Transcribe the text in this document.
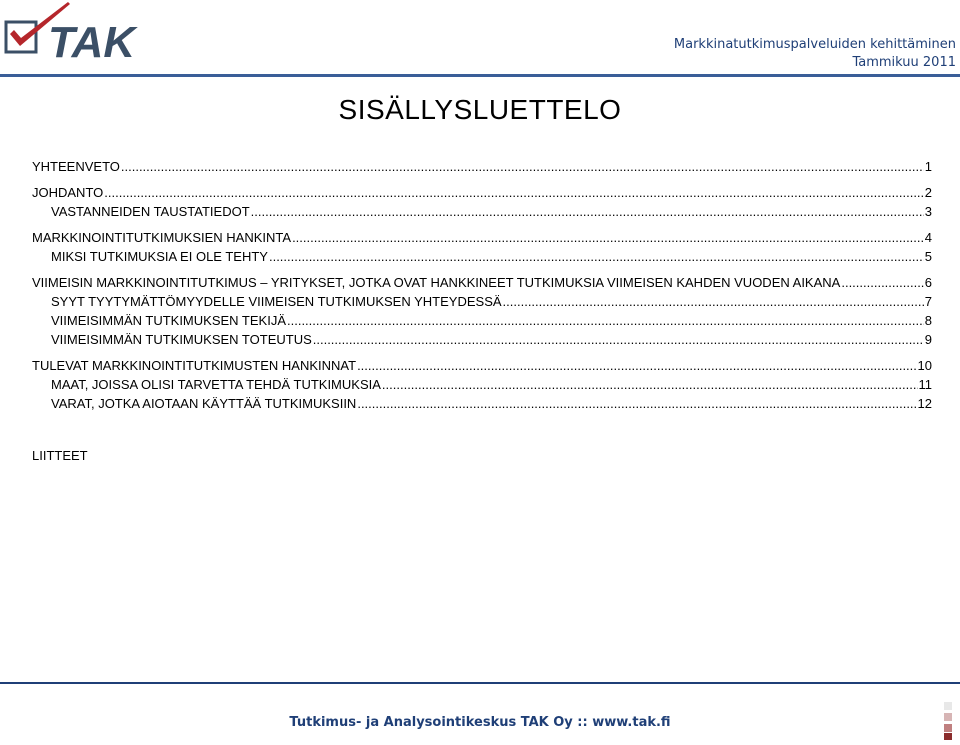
TAK	Markkinatutkimuspalveluiden kehittäminen
Tammikuu 2011
SISÄLLYSLUETTELO
YHTEENVETO .....	1
JOHDANTO .....	2
VASTANNEIDEN TAUSTATIEDOT .....	3
MARKKINOINTITUTKIMUKSIEN HANKINTA .....	4
MIKSI TUTKIMUKSIA EI OLE TEHTY .....	5
VIIMEISIN MARKKINOINTITUTKIMUS – YRITYKSET, JOTKA OVAT HANKKINEET TUTKIMUKSIA VIIMEISEN KAHDEN VUODEN AIKANA .....	6
SYYT TYYTYMÄTTÖMYYDELLE VIIMEISEN TUTKIMUKSEN YHTEYDESSÄ .....	7
VIIMEISIMMÄN TUTKIMUKSEN TEKIJÄ .....	8
VIIMEISIMMÄN TUTKIMUKSEN TOTEUTUS .....	9
TULEVAT MARKKINOINTITUTKIMUSTEN HANKINNAT .....	10
MAAT, JOISSA OLISI TARVETTA TEHDÄ TUTKIMUKSIA .....	11
VARAT, JOTKA AIOTAAN KÄYTTÄÄ TUTKIMUKSIIN .....	12
LIITTEET
Tutkimus- ja Analysointikeskus TAK Oy :: www.tak.fi
